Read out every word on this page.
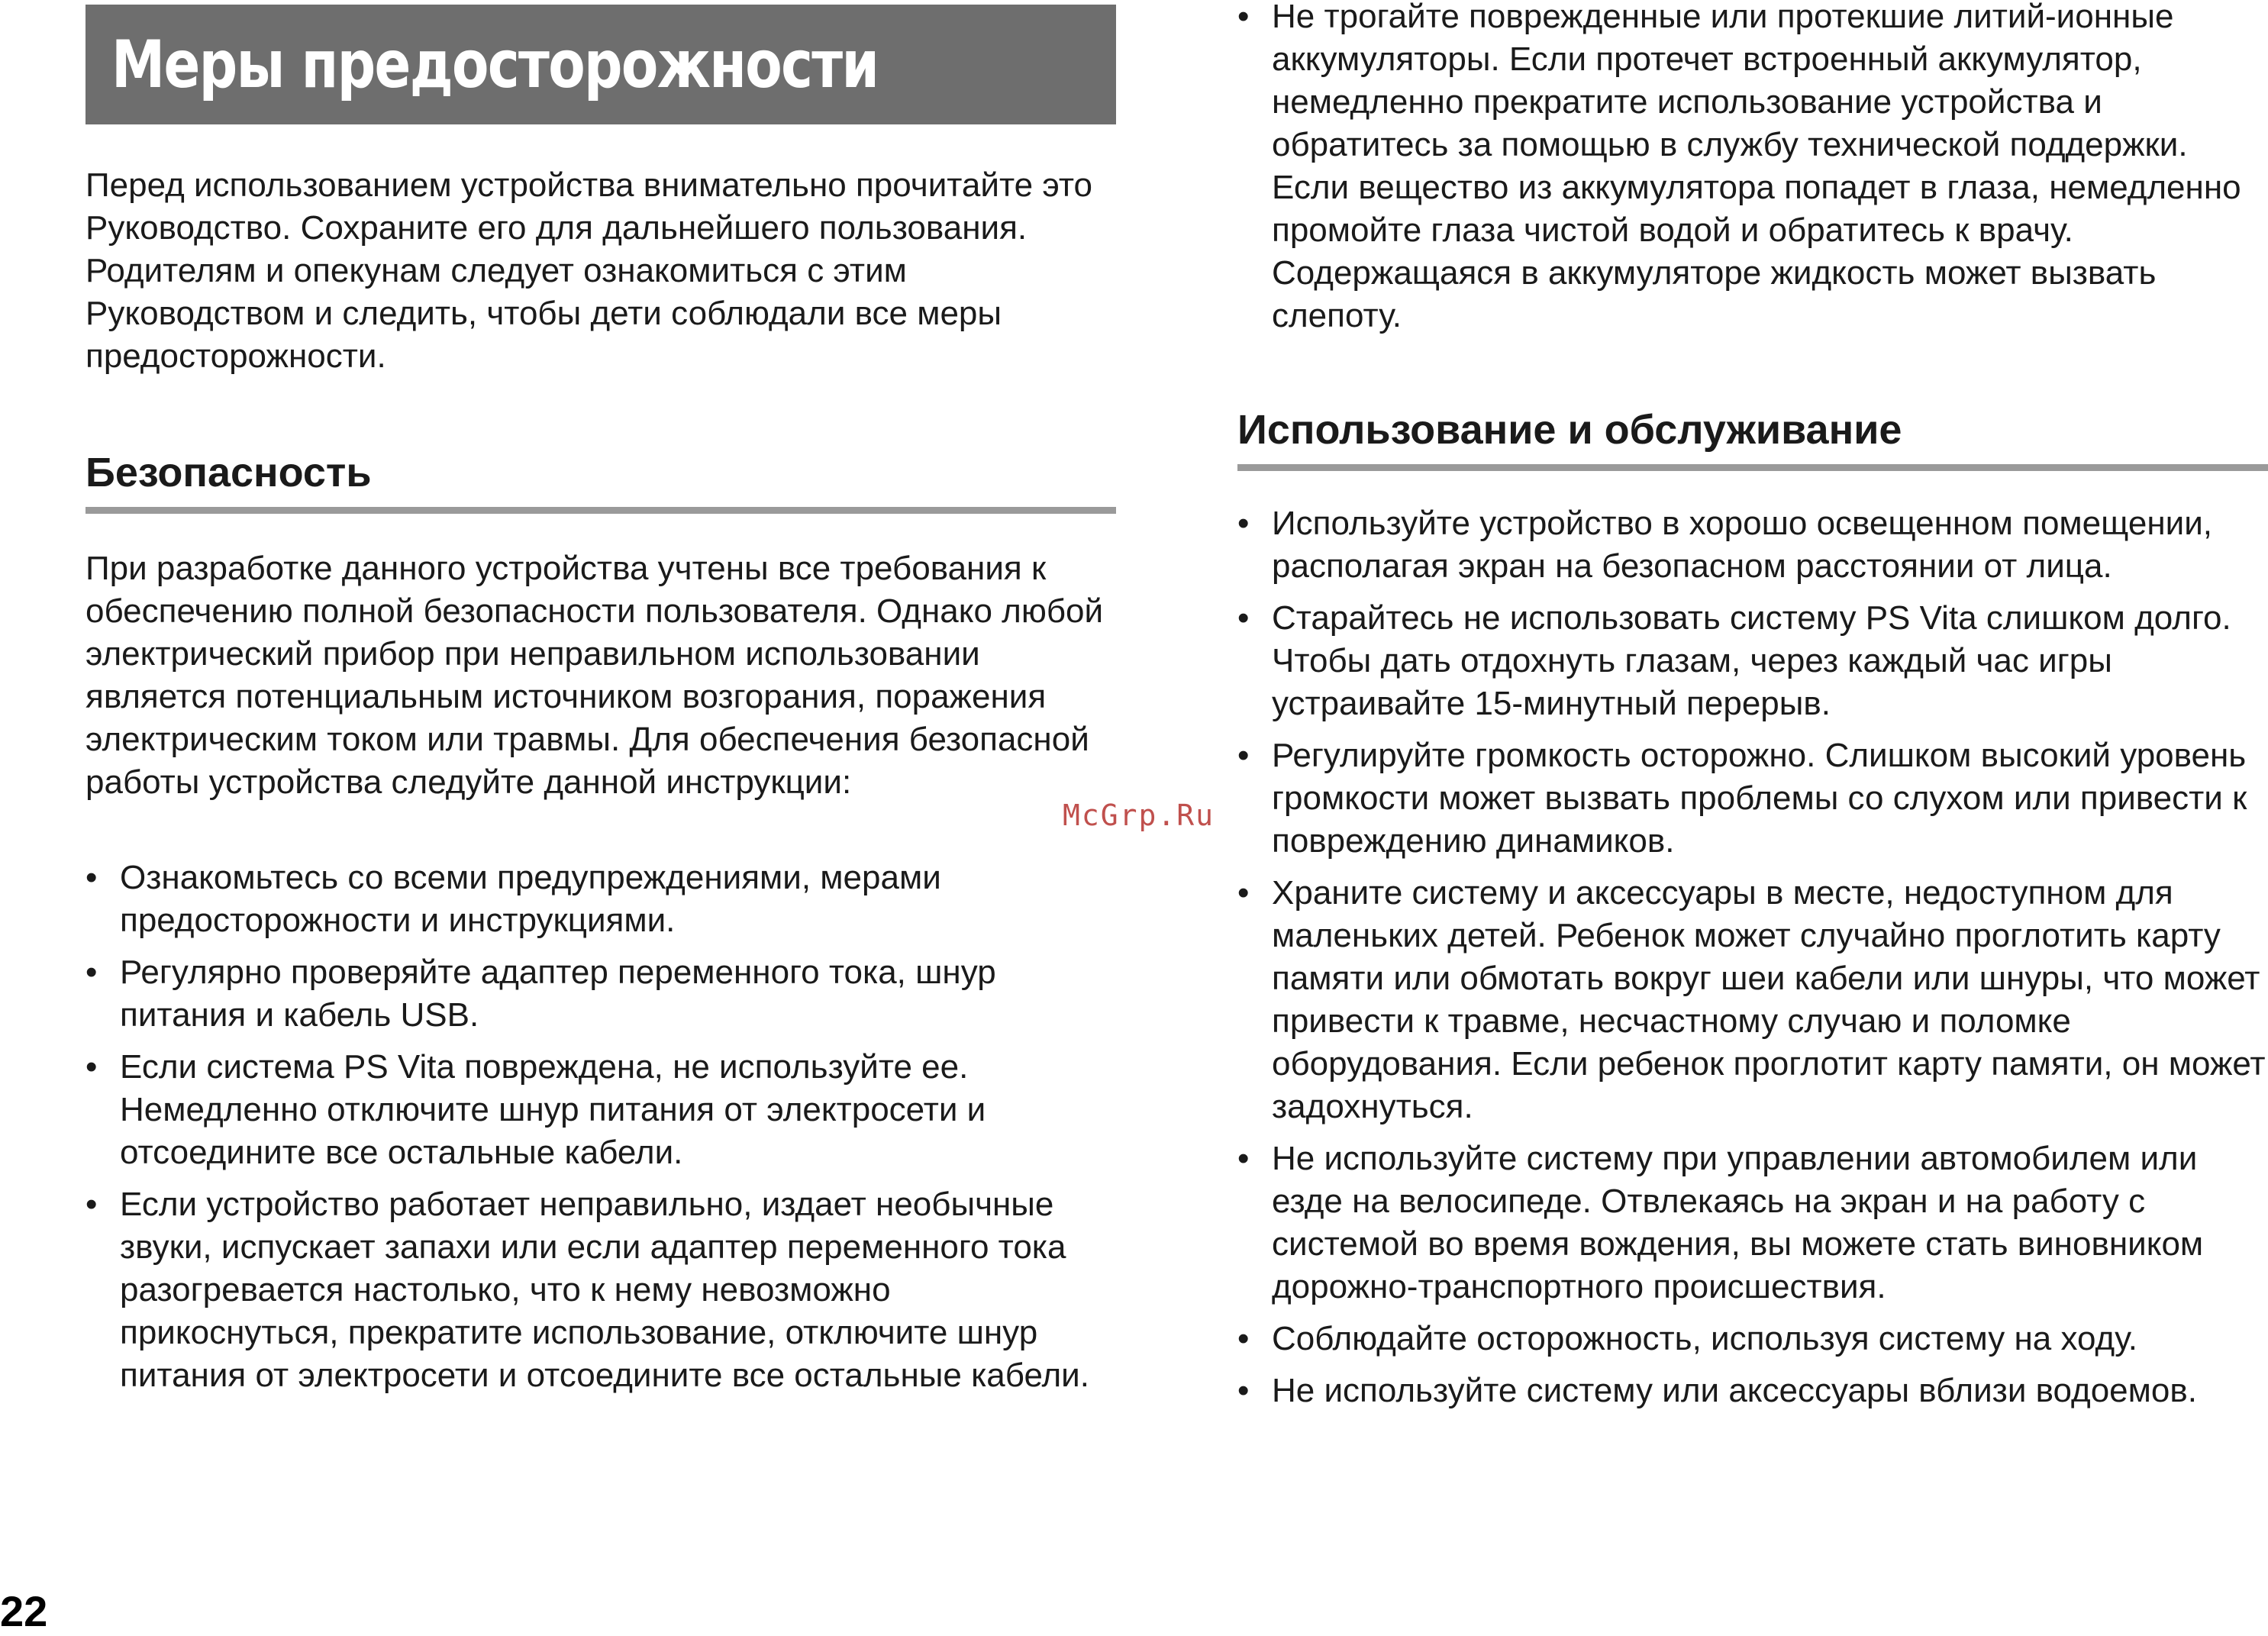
Меры предосторожности

Перед использованием устройства внимательно прочитайте это Руководство. Сохраните его для дальнейшего пользования. Родителям и опекунам следует ознакомиться с этим Руководством и следить, чтобы дети соблюдали все меры предосторожности.

Безопасность

При разработке данного устройства учтены все требования к обеспечению полной безопасности пользователя. Однако любой электрический прибор при неправильном использовании является потенциальным источником возгорания, поражения электрическим током или травмы. Для обеспечения безопасной работы устройства следуйте данной инструкции:

• Ознакомьтесь со всеми предупреждениями, мерами предосторожности и инструкциями.
• Регулярно проверяйте адаптер переменного тока, шнур питания и кабель USB.
• Если система PS Vita повреждена, не используйте ее. Немедленно отключите шнур питания от электросети и отсоедините все остальные кабели.
• Если устройство работает неправильно, издает необычные звуки, испускает запахи или если адаптер переменного тока разогревается настолько, что к нему невозможно прикоснуться, прекратите использование, отключите шнур питания от электросети и отсоедините все остальные кабели.
• Не трогайте поврежденные или протекшие литий-ионные аккумуляторы. Если протечет встроенный аккумулятор, немедленно прекратите использование устройства и обратитесь за помощью в службу технической поддержки. Если вещество из аккумулятора попадет в глаза, немедленно промойте глаза чистой водой и обратитесь к врачу. Содержащаяся в аккумуляторе жидкость может вызвать слепоту.
Использование и обслуживание
• Используйте устройство в хорошо освещенном помещении, располагая экран на безопасном расстоянии от лица.
• Старайтесь не использовать систему PS Vita слишком долго. Чтобы дать отдохнуть глазам, через каждый час игры устраивайте 15-минутный перерыв.
• Регулируйте громкость осторожно. Слишком высокий уровень громкости может вызвать проблемы со слухом или привести к повреждению динамиков.
• Храните систему и аксессуары в месте, недоступном для маленьких детей. Ребенок может случайно проглотить карту памяти или обмотать вокруг шеи кабели или шнуры, что может привести к травме, несчастному случаю и поломке оборудования. Если ребенок проглотит карту памяти, он может задохнуться.
• Не используйте систему при управлении автомобилем или езде на велосипеде. Отвлекаясь на экран и на работу с системой во время вождения, вы можете стать виновником дорожно-транспортного происшествия.
• Соблюдайте осторожность, используя систему на ходу.
• Не используйте систему или аксессуары вблизи водоемов.
McGrp.Ru
22
